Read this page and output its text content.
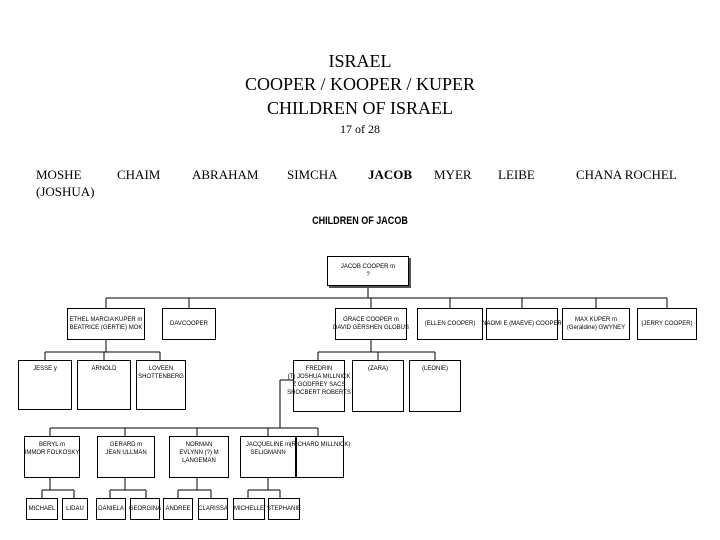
ISRAEL
COOPER / KOOPER / KUPER
CHILDREN OF ISRAEL
17 of 28
MOSHE
(JOSHUA)
CHAIM ABRAHAM SIMCHA JACOB MYER LEIBE	CHANA ROCHEL
CHILDREN OF JACOB
JACOB COOPER m
?
ETHEL MARCIA KUPER m
BEATRICE (GERTIE) MOK
DAVCOOPER
GRACE COOPER m
DAVID GERSHEN GLOBUS
(ELLEN COOPER) NAOMI E (MAEVE) COOPER
MAX KUPER m
(Geraldine) GWYNEY
(JERRY COOPER)
JESSE y	ARNOLD	LOVEEN
SHOTTENBERG
FREDRIN
(T) JOSHUA MILLNICK
Z GODFREY SACS
SHOCBERT ROBERTS
(ZARA)	(LEONIE)
BERYL m
IMMOR FOLKOSKY
GERARD m
JEAN ULLMAN
NORMAN
EVLYNN (?) M
LANGEMAN
JACQUELINE m
SELIGMANN
(RICHARD MILLNICK)
MICHAEL LIDAU DANIELA GEORGINA ANDREE CLARISSA MICHELLE STEPHANIE
